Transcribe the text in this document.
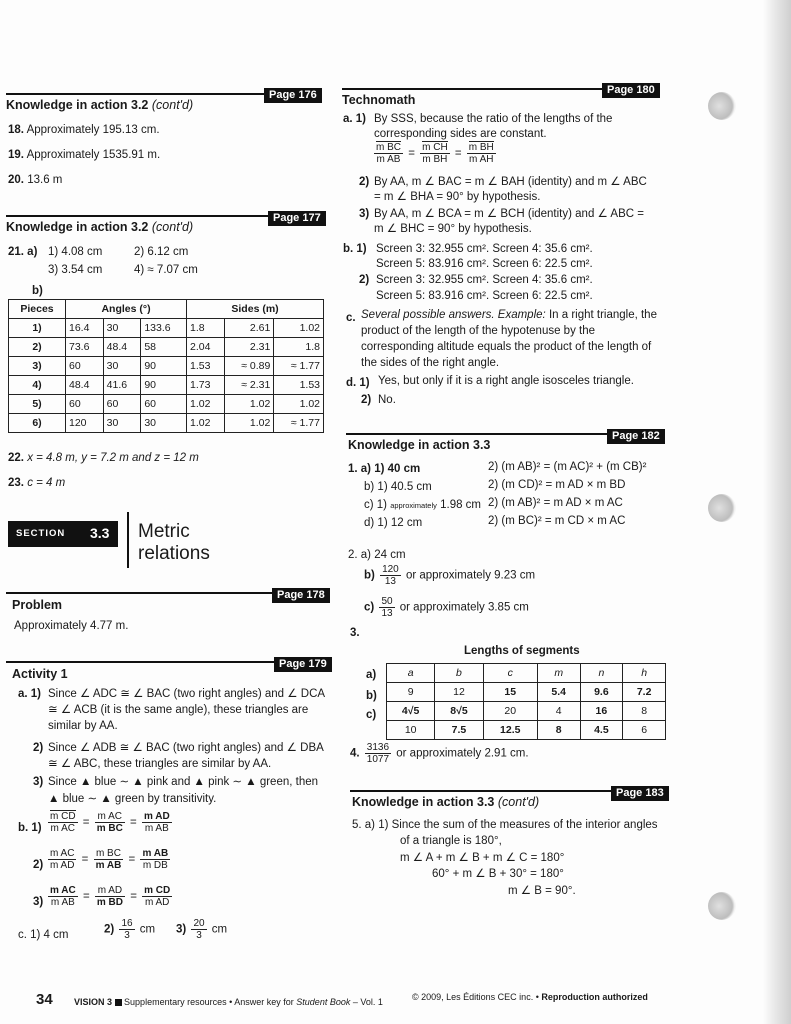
Page 176
Knowledge in action 3.2 (cont'd)
18. Approximately 195.13 cm.
19. Approximately 1535.91 m.
20. 13.6 m
Page 177
Knowledge in action 3.2 (cont'd)
21. a) 1) 4.08 cm	2) 6.12 cm
3) 3.54 cm	4) ≈ 7.07 cm
b)
Pieces	Angles (°)			Sides (m)		
1)	16.4	30	133.6	1.8	2.61	1.02
2)	73.6	48.4	58	2.04	2.31	1.8
3)	60	30	90	1.53	≈ 0.89	≈ 1.77
4)	48.4	41.6	90	1.73	≈ 2.31	1.53
5)	60	60	60	1.02	1.02	1.02
6)	120	30	30	1.02	1.02	≈ 1.77
22. x = 4.8 m, y = 7.2 m and z = 12 m
23. c = 4 m
SECTION 3.3 Metric
relations
Page 178
Problem
Approximately 4.77 m.
Page 179
Activity 1
a. 1) Since ∠ ADC ≅ ∠ BAC (two right angles) and ∠ DCA
≅ ∠ ACB (it is the same angle), these triangles are
similar by AA.
2) Since ∠ ADB ≅ ∠ BAC (two right angles) and ∠ DBA
≅ ∠ ABC, these triangles are similar by AA.
3) Since ▲ blue ∼ ▲ pink and ▲ pink ∼ ▲ green, then
▲ blue ∼ ▲ green by transitivity.
b. $1) \frac{\text{m CD}}{\text{m AC}} = \frac{\text{m AC}}{\text{m BC}} = \frac{\text{m AD}}{\text{m AB}}$
$2) \frac{\text{m AC}}{\text{m AD}} = \frac{\text{m BC}}{\text{m AB}} = \frac{\text{m AB}}{\text{m DB}}$
$3) \frac{\text{m AC}}{\text{m AB}} = \frac{\text{m AD}}{\text{m BD}} = \frac{\text{m CD}}{\text{m AD}}$
c. 1) 4 cm	$2) \frac{16}{3}$ cm $3) \frac{20}{3}$ cm
Page 180
Technomath
a. 1) By SSS, because the ratio of the lengths of the
corresponding sides are constant.
$\frac{\text{m BC}}{\text{m AB}} = \frac{\text{m CH}}{\text{m BH}} = \frac{\text{m BH}}{\text{m AH}}$
2) By AA, m ∠ BAC = m ∠ BAH (identity) and m ∠ ABC
= m ∠ BHA = 90° by hypothesis.
3) By AA, m ∠ BCA = m ∠ BCH (identity) and ∠ ABC =
m ∠ BHC = 90° by hypothesis.
b. 1) Screen 3: 32.955 cm². Screen 4: 35.6 cm².
Screen 5: 83.916 cm². Screen 6: 22.5 cm².
2) Screen 3: 32.955 cm². Screen 4: 35.6 cm².
Screen 5: 83.916 cm². Screen 6: 22.5 cm².
c. Several possible answers. Example: In a right triangle, the
product of the length of the hypotenuse by the
corresponding altitude equals the product of the length of
the sides of the right angle.
d. 1) Yes, but only if it is a right angle isosceles triangle.
2) No.
Page 182
Knowledge in action 3.3
1. a) 1) 40 cm	2) (m AB)² = (m AC)² + (m CB)²
b) 1) 40.5 cm	2) (m CD)² = m AD × m BD
c) 1) approximately 1.98 cm 2) (m AB)² = m AD × m AC
d) 1) 12 cm	2) (m BC)² = m CD × m AC
2. a) 24 cm
$b) \frac{120}{13}$ or approximately 9.23 cm
$c) \frac{50}{13}$ or approximately 3.85 cm
3.
Lengths of segments
a)
b)
c)
a	b	c	m	n	h
9	12	15	5.4	9.6	7.2
4√5	8√5	20	4	16	8
10	7.5	12.5	8	4.5	6
4. $\frac{3136}{1077}$ or approximately 2.91 cm.
Page 183
Knowledge in action 3.3 (cont'd)
5. a) 1) Since the sum of the measures of the interior angles
of a triangle is 180°,
m ∠ A + m ∠ B + m ∠ C = 180°
60° + m ∠ B + 30° = 180°
m ∠ B = 90°.
34 VISION 3 Supplementary resources • Answer key for Student Book – Vol. 1	© 2009, Les Éditions CEC inc. • Reproduction authorized
